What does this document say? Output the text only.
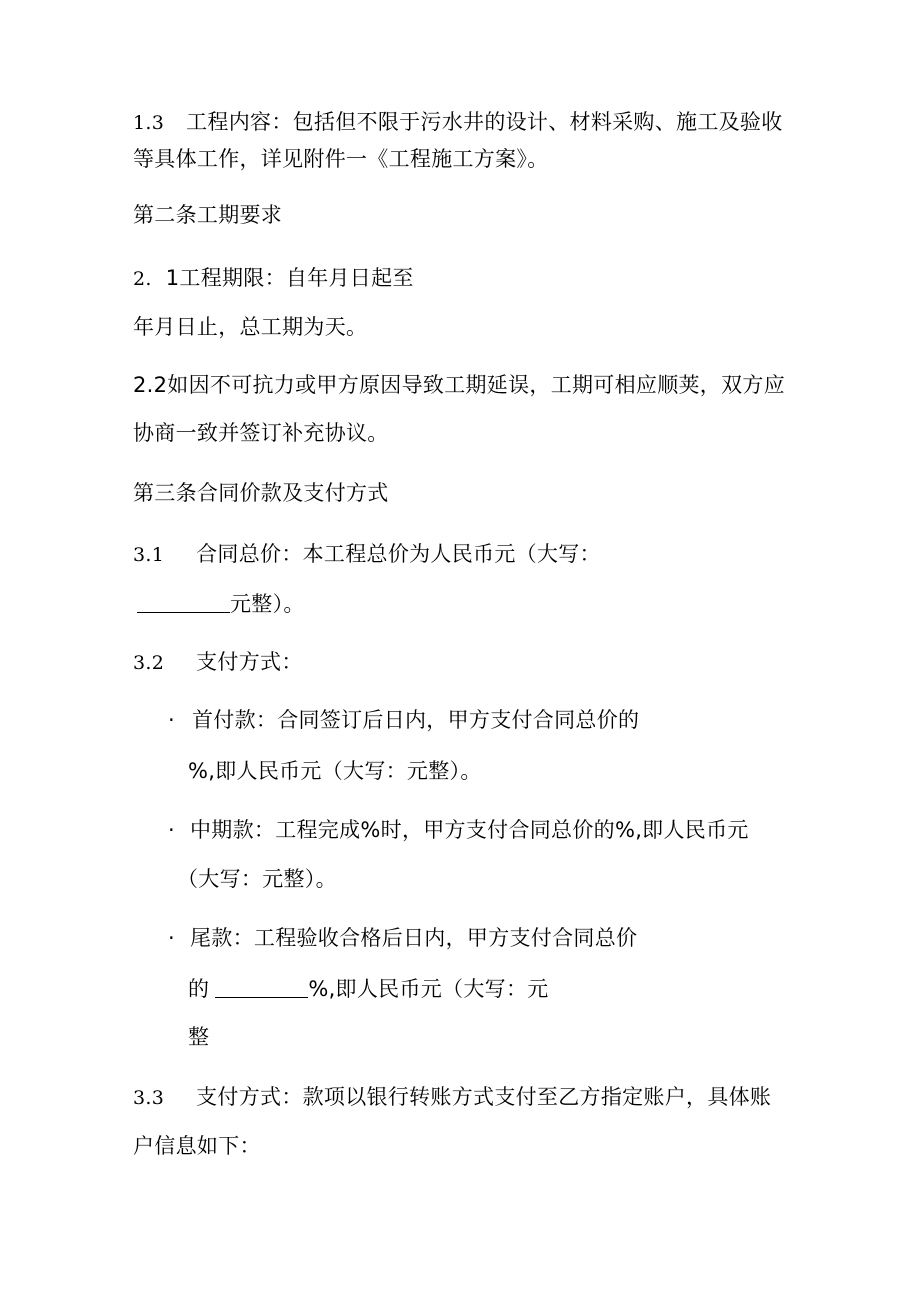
1.3 工程内容：包括但不限于污水井的设计、材料采购、施工及验收
等具体工作，详见附件一《工程施工方案》。
第二条工期要求
2. 1工程期限：自年月日起至
年月日止，总工期为天。
2.2如因不可抗力或甲方原因导致工期延误，工期可相应顺荚，双方应
协商一致并签订补充协议。
第三条合同价款及支付方式
3.1 合同总价：本工程总价为人民币元（大写：
元整）。
3.2 支付方式：
· 首付款：合同签订后日内，甲方支付合同总价的
%,即人民币元（大写：元整）。
· 中期款：工程完成%时，甲方支付合同总价的%,即人民币元
（大写：元整）。
· 尾款：工程验收合格后日内，甲方支付合同总价
的	%,即人民币元（大写：元
整
3.3 支付方式：款项以银行转账方式支付至乙方指定账户，具体账
户信息如下：
